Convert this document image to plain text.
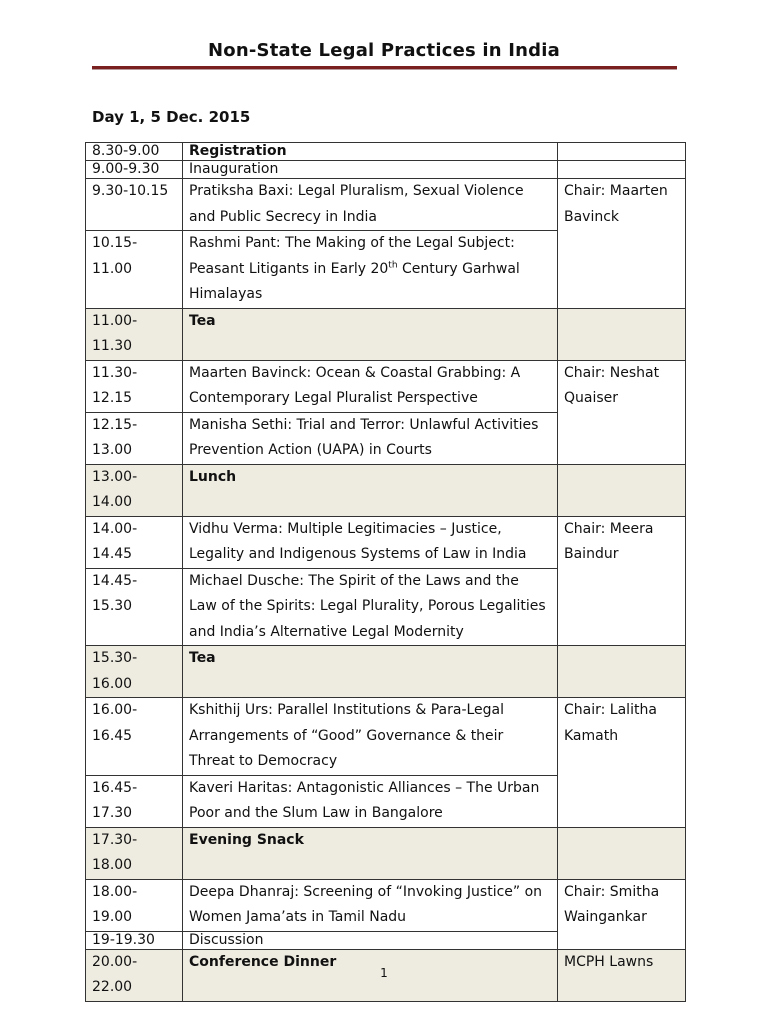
Non-State Legal Practices in India
Day 1, 5 Dec. 2015
8.30-9.00	Registration	
9.00-9.30	Inauguration	
9.30-10.15	Pratiksha Baxi: Legal Pluralism, Sexual Violence and Public Secrecy in India	Chair: Maarten Bavinck
10.15-11.00	Rashmi Pant: The Making of the Legal Subject: Peasant Litigants in Early 20th Century Garhwal Himalayas	
11.00-11.30	Tea	
11.30-12.15	Maarten Bavinck: Ocean & Coastal Grabbing: A Contemporary Legal Pluralist Perspective	Chair: Neshat Quaiser
12.15-13.00	Manisha Sethi: Trial and Terror: Unlawful Activities Prevention Action (UAPA) in Courts	
13.00-14.00	Lunch	
14.00-14.45	Vidhu Verma: Multiple Legitimacies – Justice, Legality and Indigenous Systems of Law in India	Chair: Meera Baindur
14.45-15.30	Michael Dusche: The Spirit of the Laws and the Law of the Spirits: Legal Plurality, Porous Legalities and India’s Alternative Legal Modernity	
15.30-16.00	Tea	
16.00-16.45	Kshithij Urs: Parallel Institutions & Para-Legal Arrangements of “Good” Governance & their Threat to Democracy	Chair: Lalitha Kamath
16.45-17.30	Kaveri Haritas: Antagonistic Alliances – The Urban Poor and the Slum Law in Bangalore	
17.30-18.00	Evening Snack	
18.00-19.00	Deepa Dhanraj: Screening of “Invoking Justice” on Women Jama’ats in Tamil Nadu	Chair: Smitha Waingankar
19-19.30	Discussion	
20.00-22.00	Conference Dinner	MCPH Lawns
1
